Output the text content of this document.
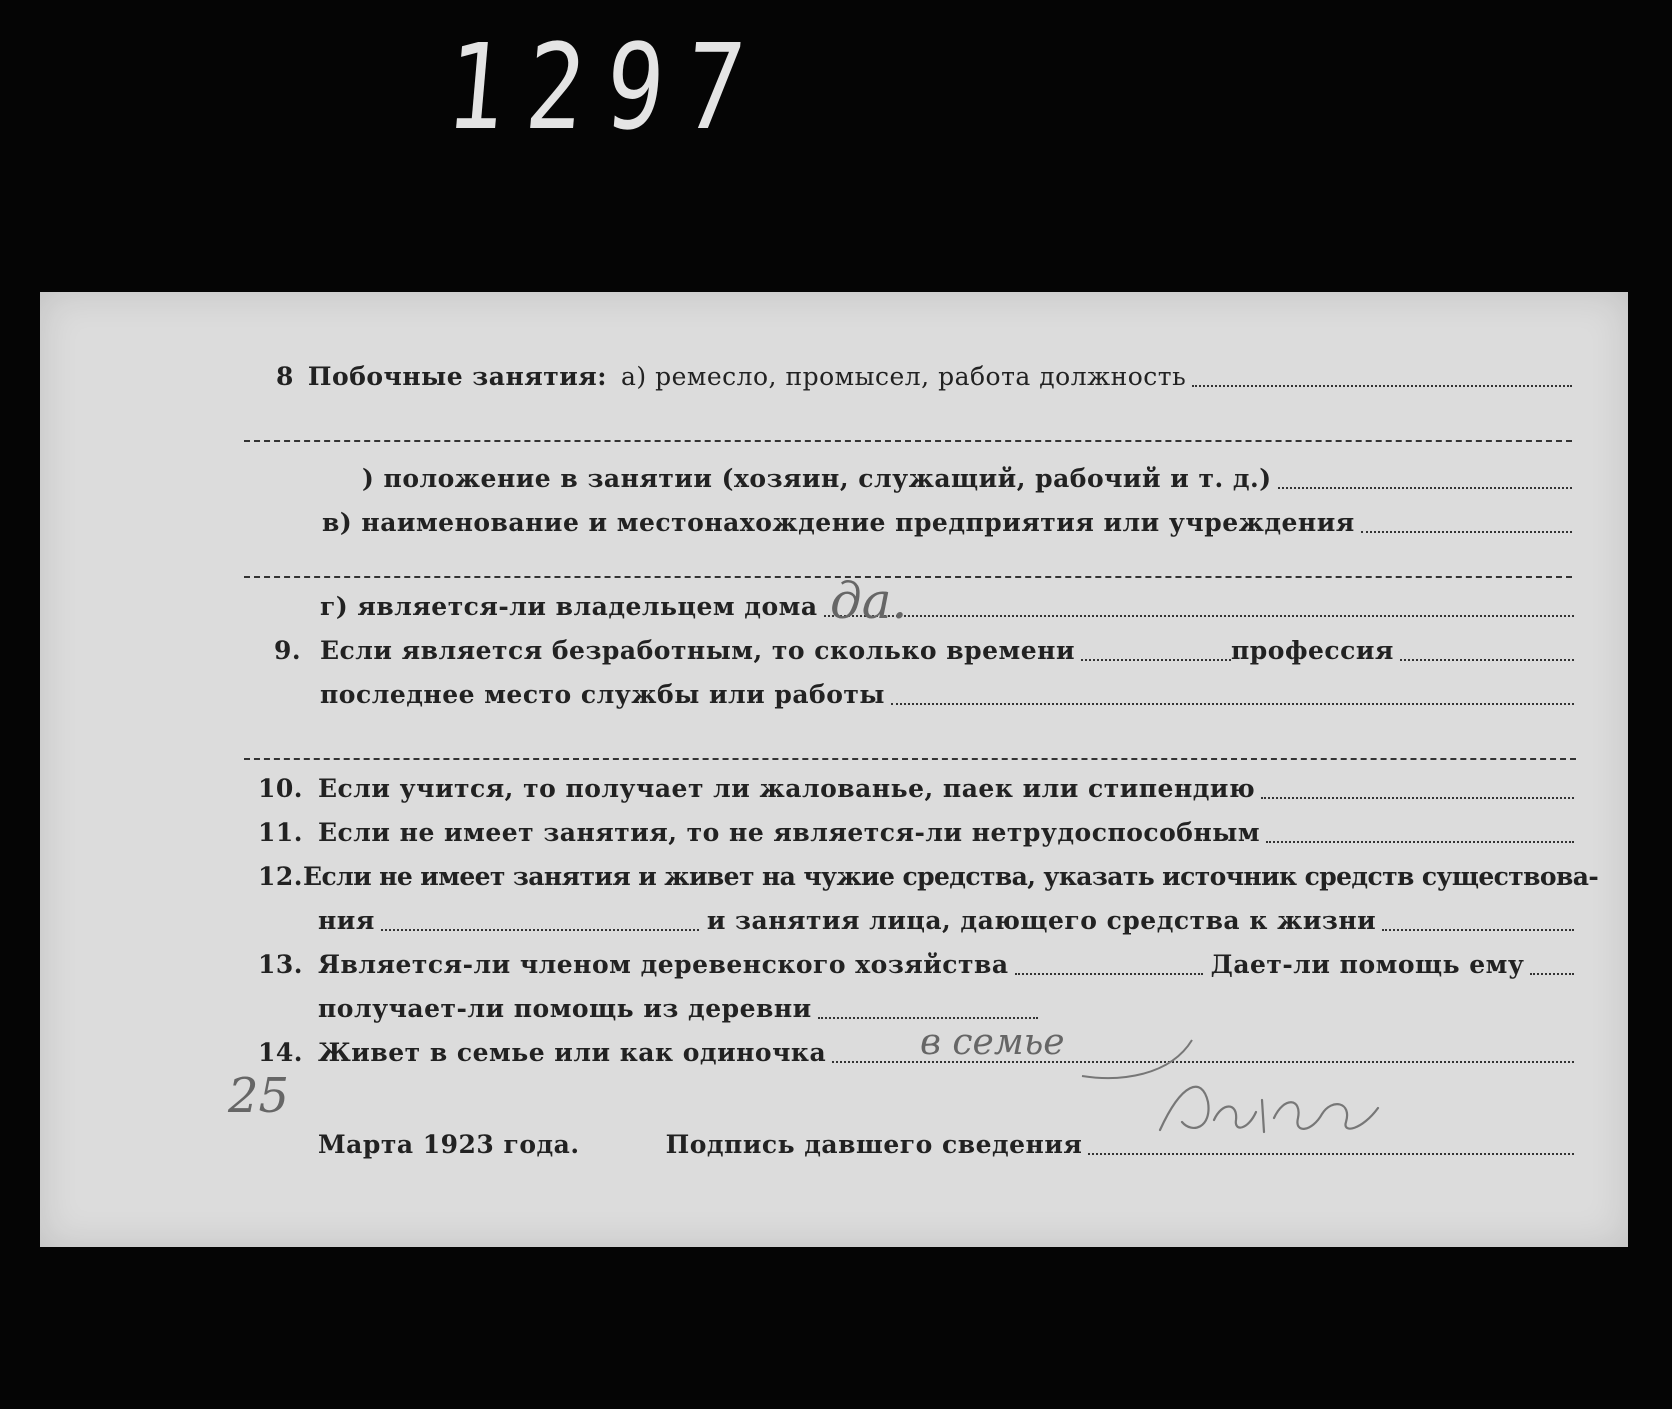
1297
8 Побочные занятия: а) ремесло, промысел, работа должность
) положение в занятии (хозяин, служащий, рабочий и т. д.)
в) наименование и местонахождение предприятия или учреждения
г) является-ли владельцем дома да.
9. Если является безработным, то сколько времени	профессия
последнее место службы или работы
10. Если учится, то получает ли жалованье, паек или стипендию
11. Если не имеет занятия, то не является-ли нетрудоспособным
12. Если не имеет занятия и живет на чужие средства, указать источник средств существова-
ния	и занятия лица, дающего средства к жизни
13. Является-ли членом деревенского хозяйства	Дает-ли помощь ему
получает-ли помощь из деревни
14. Живет в семье или как одиночка	в семье
25
Марта 1923 года.	Подпись давшего сведения
